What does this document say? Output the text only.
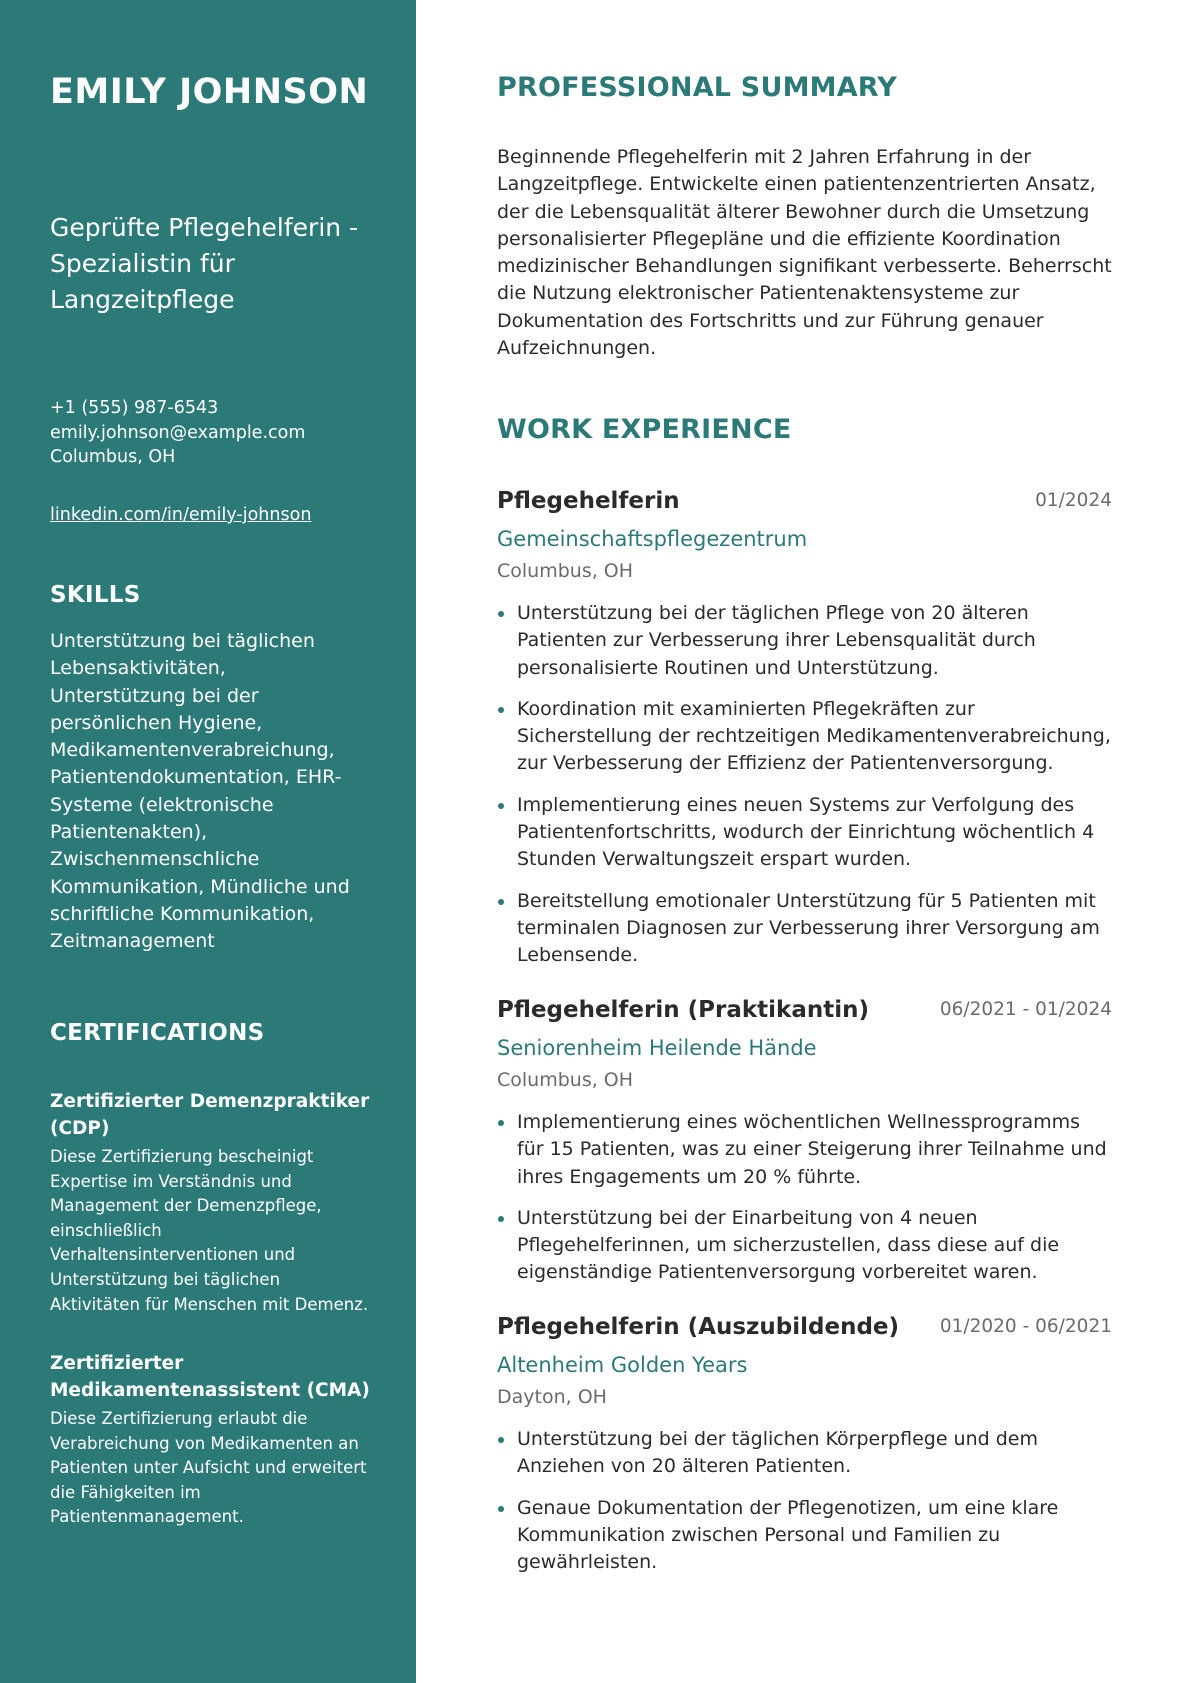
EMILY JOHNSON
Geprüfte Pflegehelferin - Spezialistin für Langzeitpflege
+1 (555) 987-6543
emily.johnson@example.com
Columbus, OH
linkedin.com/in/emily-johnson
SKILLS
Unterstützung bei täglichen Lebensaktivitäten, Unterstützung bei der persönlichen Hygiene, Medikamentenverabreichung, Patientendokumentation, EHR-Systeme (elektronische Patientenakten), Zwischenmenschliche Kommunikation, Mündliche und schriftliche Kommunikation, Zeitmanagement
CERTIFICATIONS
Zertifizierter Demenzpraktiker (CDP)
Diese Zertifizierung bescheinigt Expertise im Verständnis und Management der Demenzpflege, einschließlich Verhaltensinterventionen und Unterstützung bei täglichen Aktivitäten für Menschen mit Demenz.
Zertifizierter Medikamentenassistent (CMA)
Diese Zertifizierung erlaubt die Verabreichung von Medikamenten an Patienten unter Aufsicht und erweitert die Fähigkeiten im Patientenmanagement.
PROFESSIONAL SUMMARY

Beginnende Pflegehelferin mit 2 Jahren Erfahrung in der Langzeitpflege. Entwickelte einen patientenzentrierten Ansatz, der die Lebensqualität älterer Bewohner durch die Umsetzung personalisierter Pflegepläne und die effiziente Koordination medizinischer Behandlungen signifikant verbesserte. Beherrscht die Nutzung elektronischer Patientenaktensysteme zur Dokumentation des Fortschritts und zur Führung genauer Aufzeichnungen.

WORK EXPERIENCE
Pflegehelferin	01/2024
Gemeinschaftspflegezentrum
Columbus, OH
Unterstützung bei der täglichen Pflege von 20 älteren Patienten zur Verbesserung ihrer Lebensqualität durch personalisierte Routinen und Unterstützung.
Koordination mit examinierten Pflegekräften zur Sicherstellung der rechtzeitigen Medikamentenverabreichung, zur Verbesserung der Effizienz der Patientenversorgung.
Implementierung eines neuen Systems zur Verfolgung des Patientenfortschritts, wodurch der Einrichtung wöchentlich 4 Stunden Verwaltungszeit erspart wurden.
Bereitstellung emotionaler Unterstützung für 5 Patienten mit terminalen Diagnosen zur Verbesserung ihrer Versorgung am Lebensende.
Pflegehelferin (Praktikantin)	06/2021 - 01/2024
Seniorenheim Heilende Hände
Columbus, OH
Implementierung eines wöchentlichen Wellnessprogramms für 15 Patienten, was zu einer Steigerung ihrer Teilnahme und ihres Engagements um 20 % führte.
Unterstützung bei der Einarbeitung von 4 neuen Pflegehelferinnen, um sicherzustellen, dass diese auf die eigenständige Patientenversorgung vorbereitet waren.
Pflegehelferin (Auszubildende) 01/2020 - 06/2021
Altenheim Golden Years
Dayton, OH
Unterstützung bei der täglichen Körperpflege und dem Anziehen von 20 älteren Patienten.
Genaue Dokumentation der Pflegenotizen, um eine klare Kommunikation zwischen Personal und Familien zu gewährleisten.
